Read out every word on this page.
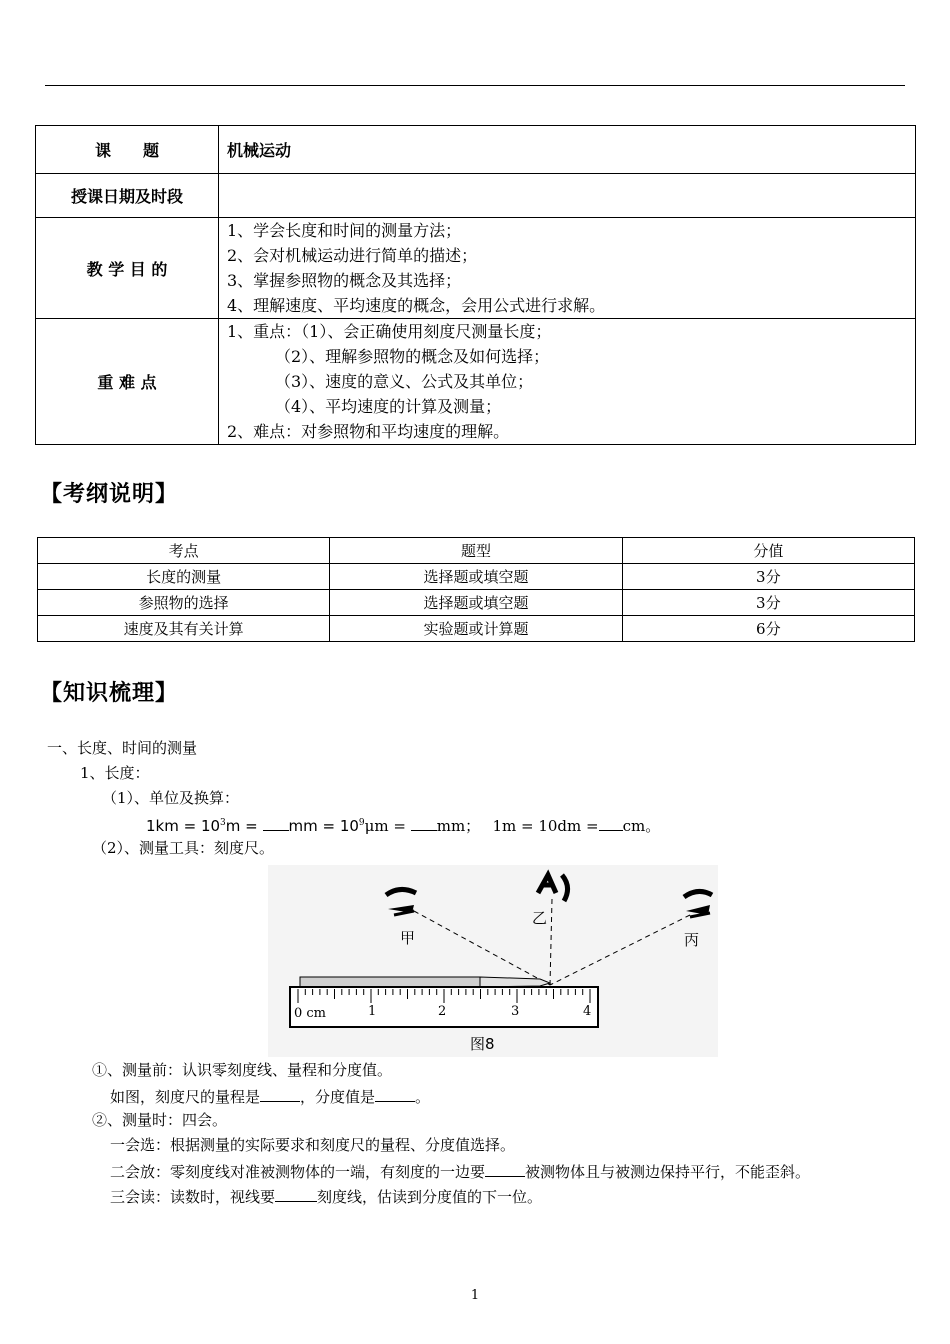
课　　题	机械运动
授课日期及时段	
教 学 目 的	1、学会长度和时间的测量方法；
2、会对机械运动进行简单的描述；
3、掌握参照物的概念及其选择；
4、理解速度、平均速度的概念，会用公式进行求解。

重 难 点	1、重点：（1）、会正确使用刻度尺测量长度；
（2）、理解参照物的概念及如何选择；
（3）、速度的意义、公式及其单位；
（4）、平均速度的计算及测量；
2、难点：对参照物和平均速度的理解。
【考纲说明】
考点	题型	分值
长度的测量	选择题或填空题	3分
参照物的选择	选择题或填空题	3分
速度及其有关计算	实验题或计算题	6分
【知识梳理】
一、长度、时间的测量
1、长度：
（1）、单位及换算：
$1km = 10^3m$ = mm = $10^9\mu m$ = mm；　 1m = 10dm = cm。
（2）、测量工具：刻度尺。
甲
乙
丙
0 cm	1	2	3	4
图8
①、测量前：认识零刻度线、量程和分度值。
如图，刻度尺的量程是	，分度值是	。
②、测量时：四会。
一会选：根据测量的实际要求和刻度尺的量程、分度值选择。
二会放：零刻度线对准被测物体的一端，有刻度的一边要	被测物体且与被测边保持平行，不能歪斜。
三会读：读数时，视线要	刻度线，估读到分度值的下一位。
1
